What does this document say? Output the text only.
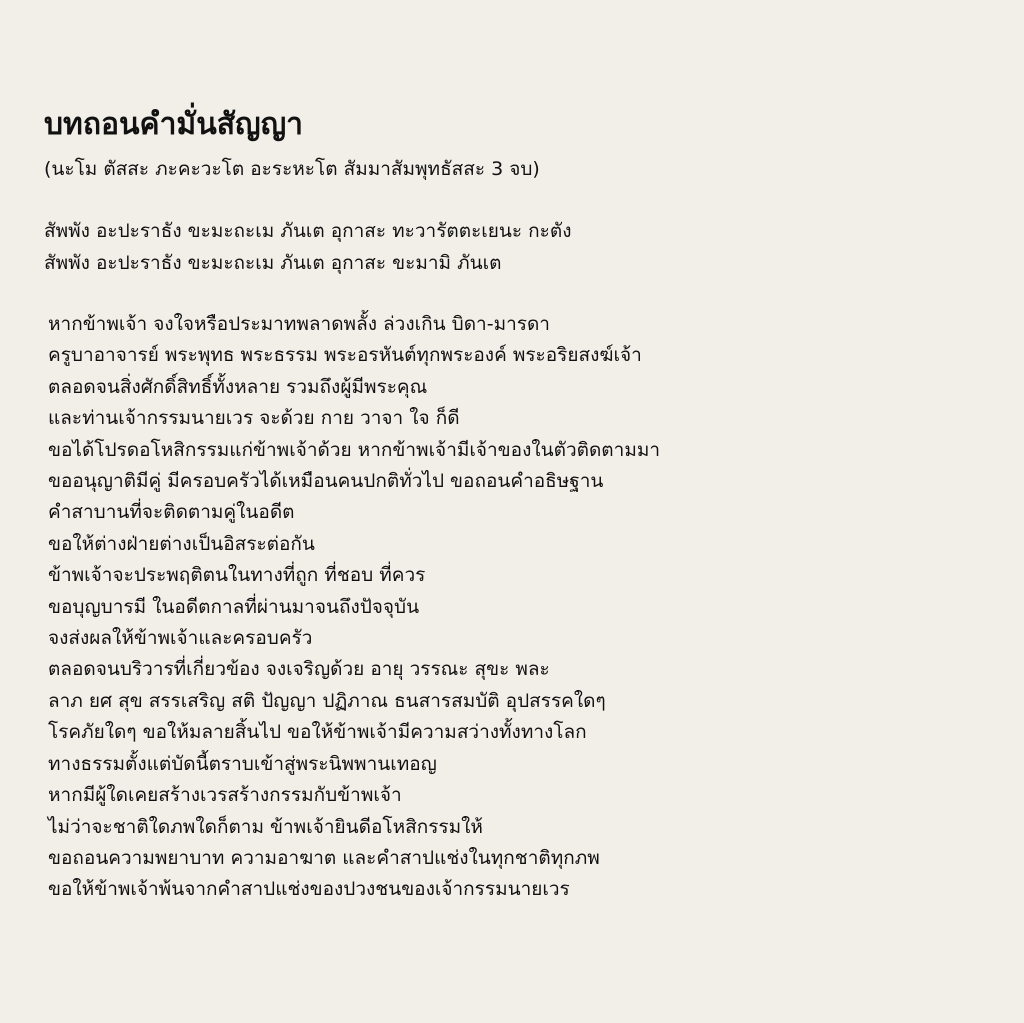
บทถอนคำมั่นสัญญา
(นะโม ตัสสะ ภะคะวะโต อะระหะโต สัมมาสัมพุทธัสสะ 3 จบ)
สัพพัง อะปะราธัง ขะมะถะเม ภันเต อุกาสะ ทะวารัตตะเยนะ กะตัง
สัพพัง อะปะราธัง ขะมะถะเม ภันเต อุกาสะ ขะมามิ ภันเต
หากข้าพเจ้า จงใจหรือประมาทพลาดพลั้ง ล่วงเกิน บิดา-มารดา
ครูบาอาจารย์ พระพุทธ พระธรรม พระอรหันต์ทุกพระองค์ พระอริยสงฆ์เจ้า
ตลอดจนสิ่งศักดิ์สิทธิ์ทั้งหลาย รวมถึงผู้มีพระคุณ
และท่านเจ้ากรรมนายเวร จะด้วย กาย วาจา ใจ ก็ดี
ขอได้โปรดอโหสิกรรมแก่ข้าพเจ้าด้วย หากข้าพเจ้ามีเจ้าของในตัวติดตามมา
ขออนุญาติมีคู่ มีครอบครัวได้เหมือนคนปกติทั่วไป ขอถอนคำอธิษฐาน
คำสาบานที่จะติดตามคู่ในอดีต
ขอให้ต่างฝ่ายต่างเป็นอิสระต่อกัน
ข้าพเจ้าจะประพฤติตนในทางที่ถูก ที่ชอบ ที่ควร
ขอบุญบารมี ในอดีตกาลที่ผ่านมาจนถึงปัจจุบัน
จงส่งผลให้ข้าพเจ้าและครอบครัว
ตลอดจนบริวารที่เกี่ยวข้อง จงเจริญด้วย อายุ วรรณะ สุขะ พละ
ลาภ ยศ สุข สรรเสริญ สติ ปัญญา ปฏิภาณ ธนสารสมบัติ อุปสรรคใดๆ
โรคภัยใดๆ ขอให้มลายสิ้นไป ขอให้ข้าพเจ้ามีความสว่างทั้งทางโลก
ทางธรรมตั้งแต่บัดนี้ตราบเข้าสู่พระนิพพานเทอญ
หากมีผู้ใดเคยสร้างเวรสร้างกรรมกับข้าพเจ้า
ไม่ว่าจะชาติใดภพใดก็ตาม ข้าพเจ้ายินดีอโหสิกรรมให้
ขอถอนความพยาบาท ความอาฆาต และคำสาปแช่งในทุกชาติทุกภพ
ขอให้ข้าพเจ้าพ้นจากคำสาปแช่งของปวงชนของเจ้ากรรมนายเวร
